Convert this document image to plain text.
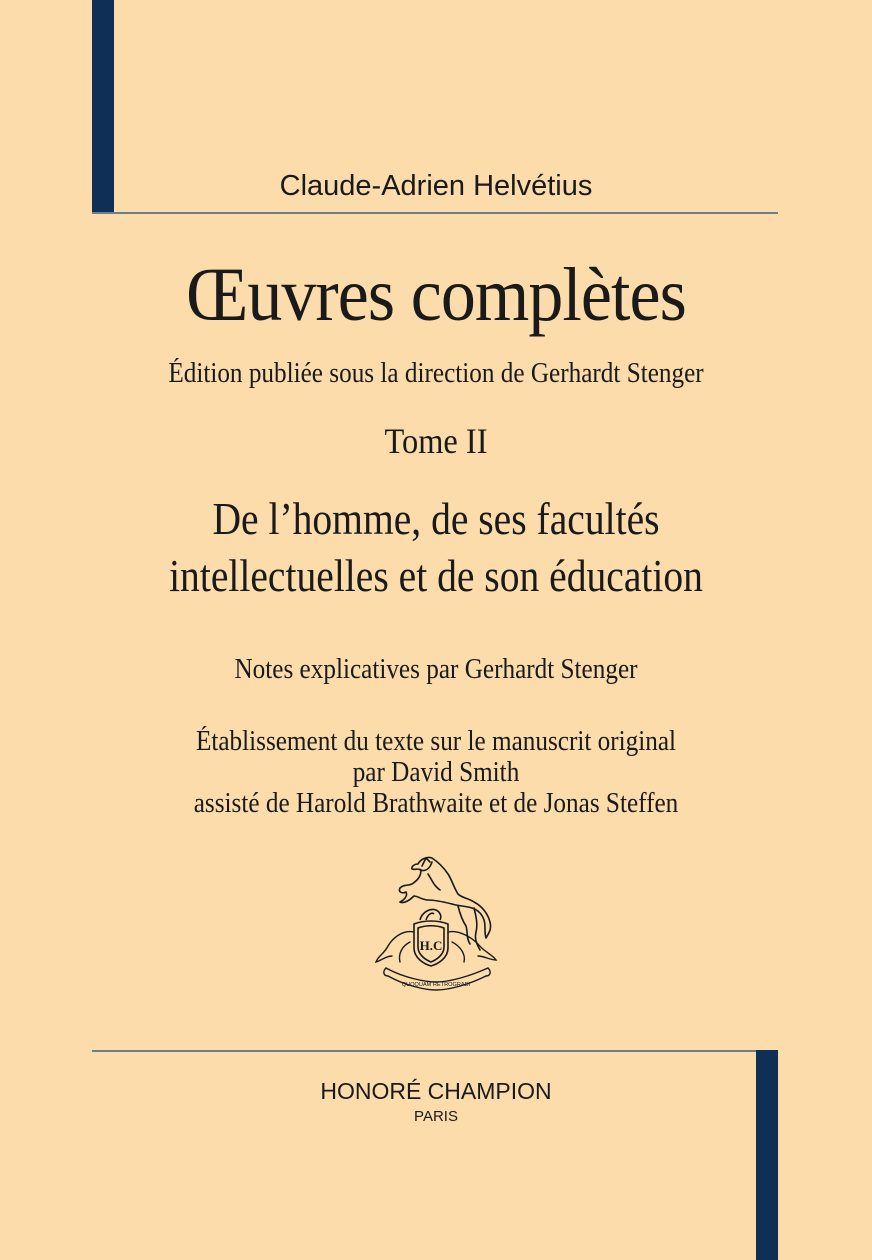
Claude-Adrien Helvétius
Œuvres complètes
Édition publiée sous la direction de Gerhardt Stenger
Tome II
De l’homme, de ses facultés
intellectuelles et de son éducation
Notes explicatives par Gerhardt Stenger
Établissement du texte sur le manuscrit original
par David Smith
assisté de Harold Brathwaite et de Jonas Steffen
H.C
QUOQUAM RETROGRADI
HONORÉ CHAMPION
PARIS
